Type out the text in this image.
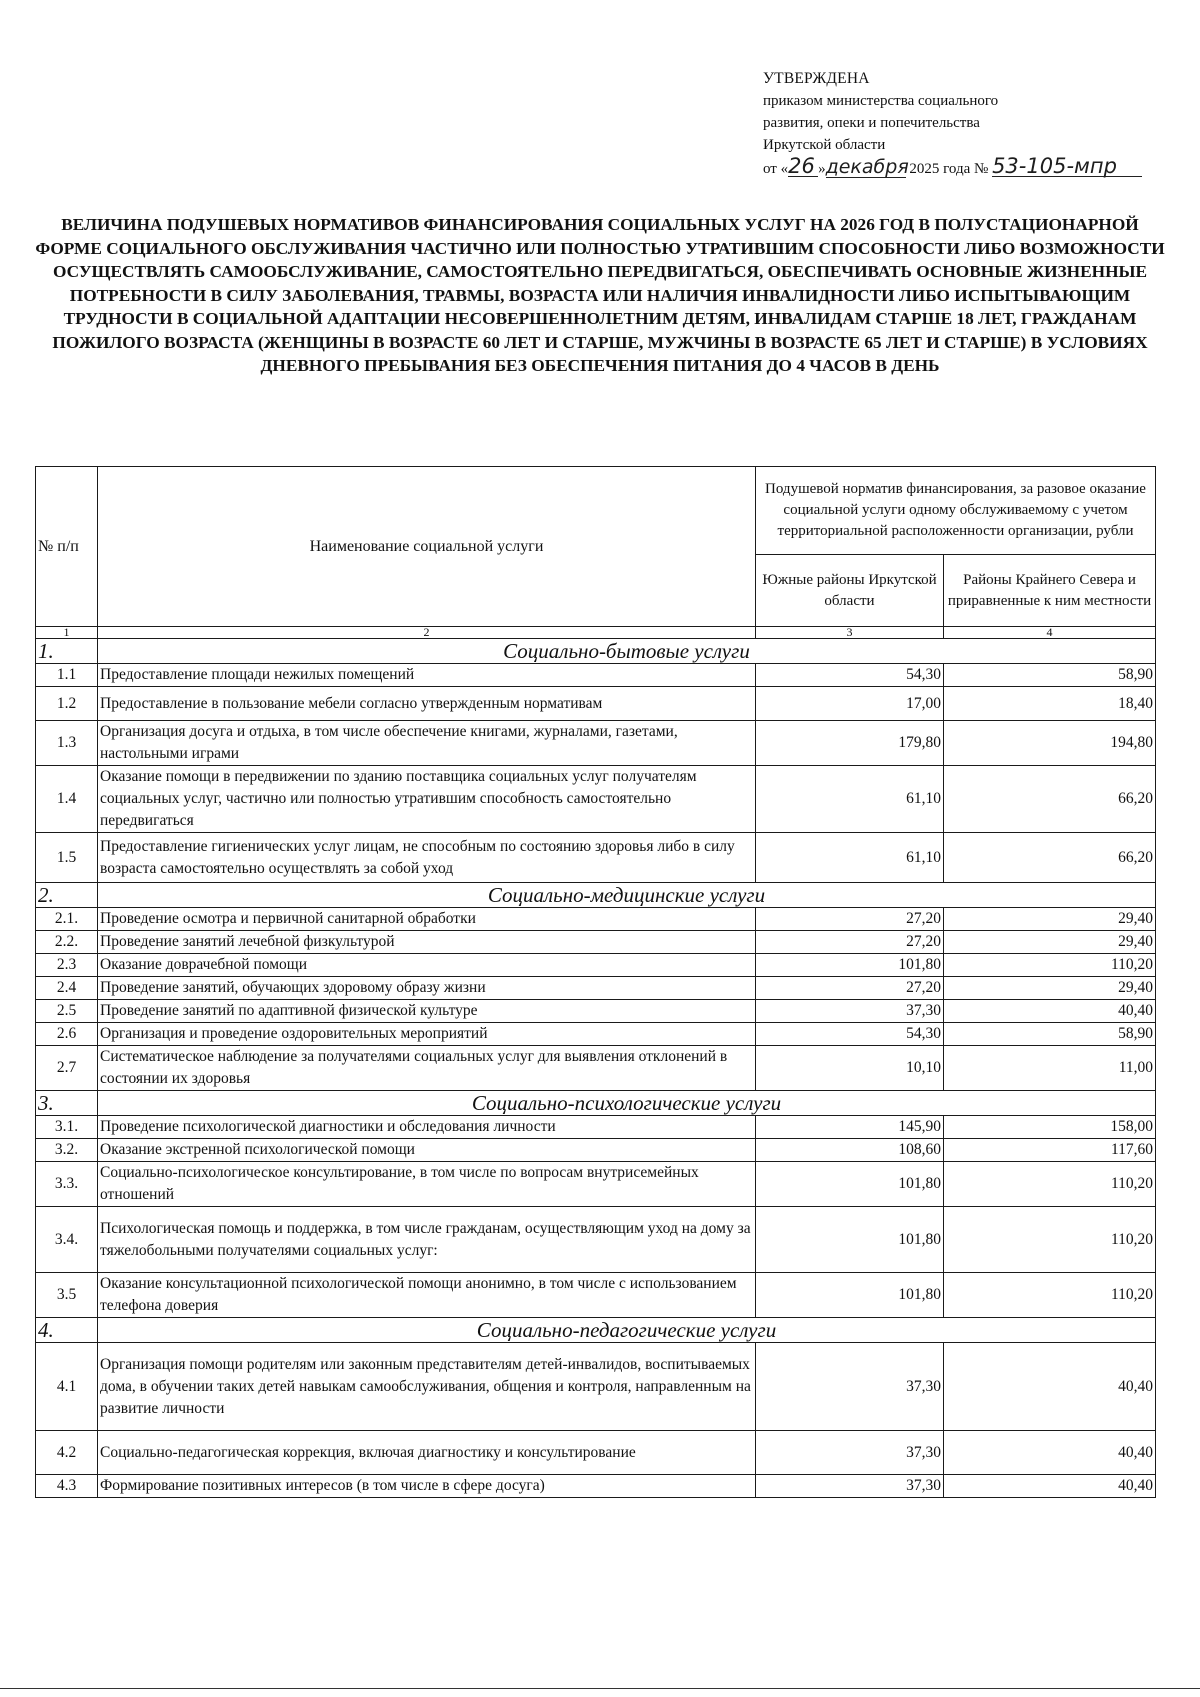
УТВЕРЖДЕНА
приказом министерства социального
развития, опеки и попечительства
Иркутской области
от «26 »декабря 2025 года № 53-105-мпр
ВЕЛИЧИНА ПОДУШЕВЫХ НОРМАТИВОВ ФИНАНСИРОВАНИЯ СОЦИАЛЬНЫХ УСЛУГ НА 2026 ГОД В ПОЛУСТАЦИОНАРНОЙ ФОРМЕ СОЦИАЛЬНОГО ОБСЛУЖИВАНИЯ ЧАСТИЧНО ИЛИ ПОЛНОСТЬЮ УТРАТИВШИМ СПОСОБНОСТИ ЛИБО ВОЗМОЖНОСТИ ОСУЩЕСТВЛЯТЬ САМООБСЛУЖИВАНИЕ, САМОСТОЯТЕЛЬНО ПЕРЕДВИГАТЬСЯ, ОБЕСПЕЧИВАТЬ ОСНОВНЫЕ ЖИЗНЕННЫЕ ПОТРЕБНОСТИ В СИЛУ ЗАБОЛЕВАНИЯ, ТРАВМЫ, ВОЗРАСТА ИЛИ НАЛИЧИЯ ИНВАЛИДНОСТИ ЛИБО ИСПЫТЫВАЮЩИМ ТРУДНОСТИ В СОЦИАЛЬНОЙ АДАПТАЦИИ НЕСОВЕРШЕННОЛЕТНИМ ДЕТЯМ, ИНВАЛИДАМ СТАРШЕ 18 ЛЕТ, ГРАЖДАНАМ ПОЖИЛОГО ВОЗРАСТА (ЖЕНЩИНЫ В ВОЗРАСТЕ 60 ЛЕТ И СТАРШЕ, МУЖЧИНЫ В ВОЗРАСТЕ 65 ЛЕТ И СТАРШЕ) В УСЛОВИЯХ ДНЕВНОГО ПРЕБЫВАНИЯ БЕЗ ОБЕСПЕЧЕНИЯ ПИТАНИЯ ДО 4 ЧАСОВ В ДЕНЬ
№ п/п	Наименование социальной услуги	Подушевой норматив финансирования, за разовое оказание социальной услуги одному обслуживаемому с учетом территориальной расположенности организации, рубли	
		Южные районы Иркутской области	Районы Крайнего Севера и приравненные к ним местности
1	2	3	4
1.	Социально-бытовые услуги		
1.1	Предоставление площади нежилых помещений	54,30	58,90
1.2	Предоставление в пользование мебели согласно утвержденным нормативам	17,00	18,40
1.3	Организация досуга и отдыха, в том числе обеспечение книгами, журналами, газетами, настольными играми	179,80	194,80
1.4	Оказание помощи в передвижении по зданию поставщика социальных услуг получателям социальных услуг, частично или полностью утратившим способность самостоятельно передвигаться	61,10	66,20
1.5	Предоставление гигиенических услуг лицам, не способным по состоянию здоровья либо в силу возраста самостоятельно осуществлять за собой уход	61,10	66,20
2.	Социально-медицинские услуги		
2.1.	Проведение осмотра и первичной санитарной обработки	27,20	29,40
2.2.	Проведение занятий лечебной физкультурой	27,20	29,40
2.3	Оказание доврачебной помощи	101,80	110,20
2.4	Проведение занятий, обучающих здоровому образу жизни	27,20	29,40
2.5	Проведение занятий по адаптивной физической культуре	37,30	40,40
2.6	Организация и проведение оздоровительных мероприятий	54,30	58,90
2.7	Систематическое наблюдение за получателями социальных услуг для выявления отклонений в состоянии их здоровья	10,10	11,00
3.	Социально-психологические услуги		
3.1.	Проведение психологической диагностики и обследования личности	145,90	158,00
3.2.	Оказание экстренной психологической помощи	108,60	117,60
3.3.	Социально-психологическое консультирование, в том числе по вопросам внутрисемейных отношений	101,80	110,20
3.4.	Психологическая помощь и поддержка, в том числе гражданам, осуществляющим уход на дому за тяжелобольными получателями социальных услуг:	101,80	110,20
3.5	Оказание консультационной психологической помощи анонимно, в том числе с использованием телефона доверия	101,80	110,20
4.	Социально-педагогические услуги		
4.1	Организация помощи родителям или законным представителям детей-инвалидов, воспитываемых дома, в обучении таких детей навыкам самообслуживания, общения и контроля, направленным на развитие личности	37,30	40,40
4.2	Социально-педагогическая коррекция, включая диагностику и консультирование	37,30	40,40
4.3	Формирование позитивных интересов (в том числе в сфере досуга)	37,30	40,40
